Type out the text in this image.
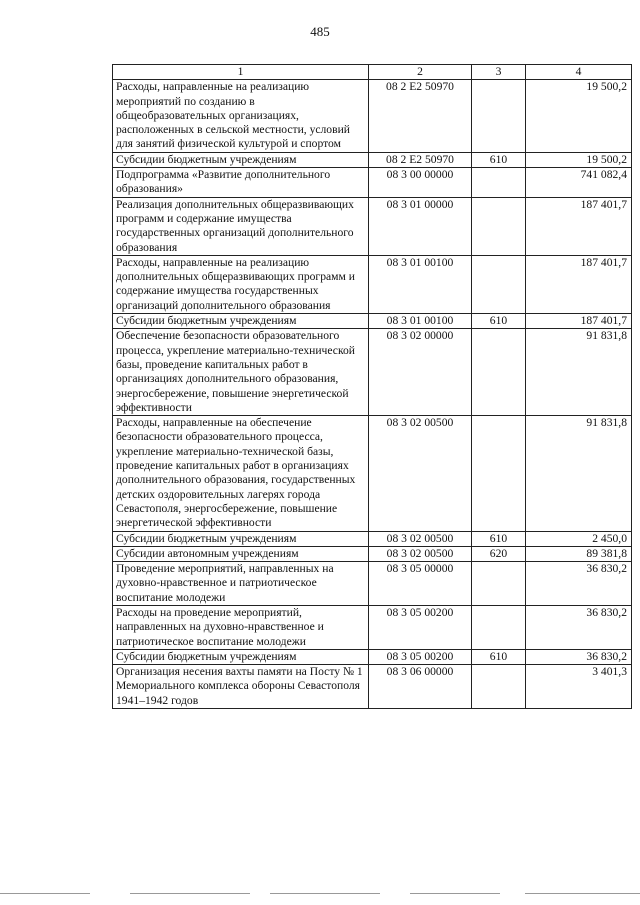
485
1	2	3	4
Расходы, направленные на реализацию мероприятий по созданию в общеобразовательных организациях, расположенных в сельской местности, условий для занятий физической культурой и спортом	08 2 Е2 50970		19 500,2
Субсидии бюджетным учреждениям	08 2 Е2 50970	610	19 500,2
Подпрограмма «Развитие дополнительного образования»	08 3 00 00000		741 082,4
Реализация дополнительных общеразвивающих программ и содержание имущества государственных организаций дополнительного образования	08 3 01 00000		187 401,7
Расходы, направленные на реализацию дополнительных общеразвивающих программ и содержание имущества государственных организаций дополнительного образования	08 3 01 00100		187 401,7
Субсидии бюджетным учреждениям	08 3 01 00100	610	187 401,7
Обеспечение безопасности образовательного процесса, укрепление материально-технической базы, проведение капитальных работ в организациях дополнительного образования, энергосбережение, повышение энергетической эффективности	08 3 02 00000		91 831,8
Расходы, направленные на обеспечение безопасности образовательного процесса, укрепление материально-технической базы, проведение капитальных работ в организациях дополнительного образования, государственных детских оздоровительных лагерях города Севастополя, энергосбережение, повышение энергетической эффективности	08 3 02 00500		91 831,8
Субсидии бюджетным учреждениям	08 3 02 00500	610	2 450,0
Субсидии автономным учреждениям	08 3 02 00500	620	89 381,8
Проведение мероприятий, направленных на духовно-нравственное и патриотическое воспитание молодежи	08 3 05 00000		36 830,2
Расходы на проведение мероприятий, направленных на духовно-нравственное и патриотическое воспитание молодежи	08 3 05 00200		36 830,2
Субсидии бюджетным учреждениям	08 3 05 00200	610	36 830,2
Организация несения вахты памяти на Посту № 1 Мемориального комплекса обороны Севастополя 1941–1942 годов	08 3 06 00000		3 401,3
